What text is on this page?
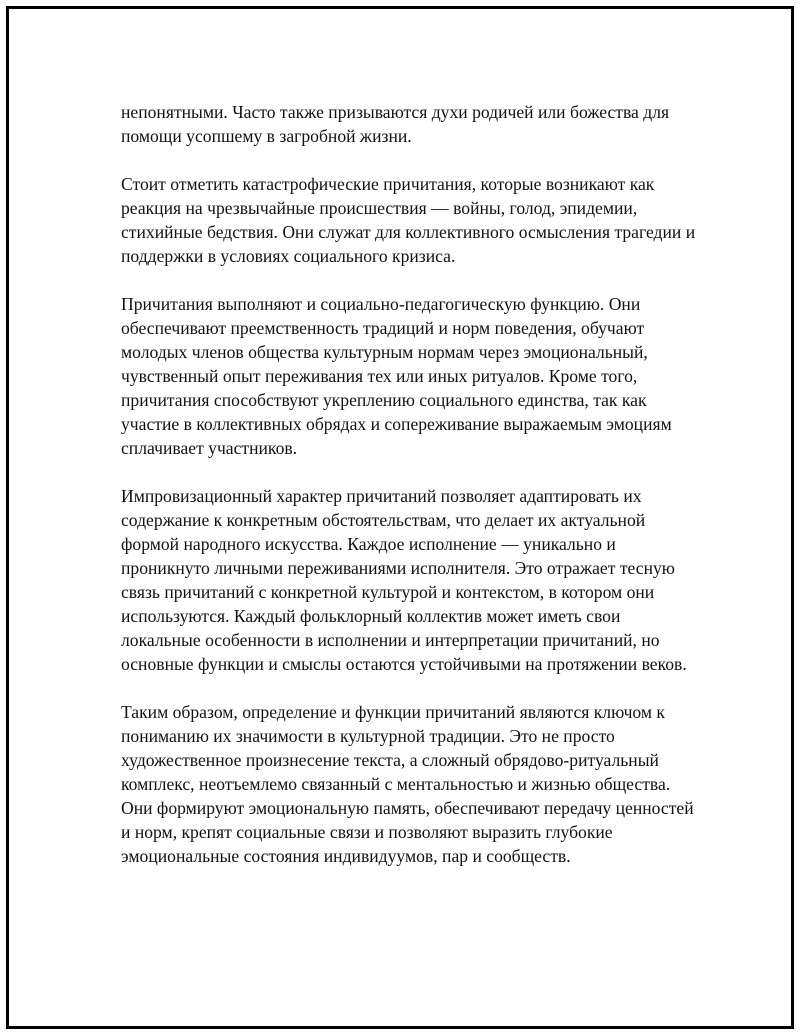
непонятными. Часто также призываются духи родичей или божества для помощи усопшему в загробной жизни.

Стоит отметить катастрофические причитания, которые возникают как реакция на чрезвычайные происшествия — войны, голод, эпидемии, стихийные бедствия. Они служат для коллективного осмысления трагедии и поддержки в условиях социального кризиса.

Причитания выполняют и социально-педагогическую функцию. Они обеспечивают преемственность традиций и норм поведения, обучают молодых членов общества культурным нормам через эмоциональный, чувственный опыт переживания тех или иных ритуалов. Кроме того, причитания способствуют укреплению социального единства, так как участие в коллективных обрядах и сопереживание выражаемым эмоциям сплачивает участников.

Импровизационный характер причитаний позволяет адаптировать их содержание к конкретным обстоятельствам, что делает их актуальной формой народного искусства. Каждое исполнение — уникально и проникнуто личными переживаниями исполнителя. Это отражает тесную связь причитаний с конкретной культурой и контекстом, в котором они используются. Каждый фольклорный коллектив может иметь свои локальные особенности в исполнении и интерпретации причитаний, но основные функции и смыслы остаются устойчивыми на протяжении веков.

Таким образом, определение и функции причитаний являются ключом к пониманию их значимости в культурной традиции. Это не просто художественное произнесение текста, а сложный обрядово-ритуальный комплекс, неотъемлемо связанный с ментальностью и жизнью общества. Они формируют эмоциональную память, обеспечивают передачу ценностей и норм, крепят социальные связи и позволяют выразить глубокие эмоциональные состояния индивидуумов, пар и сообществ.
